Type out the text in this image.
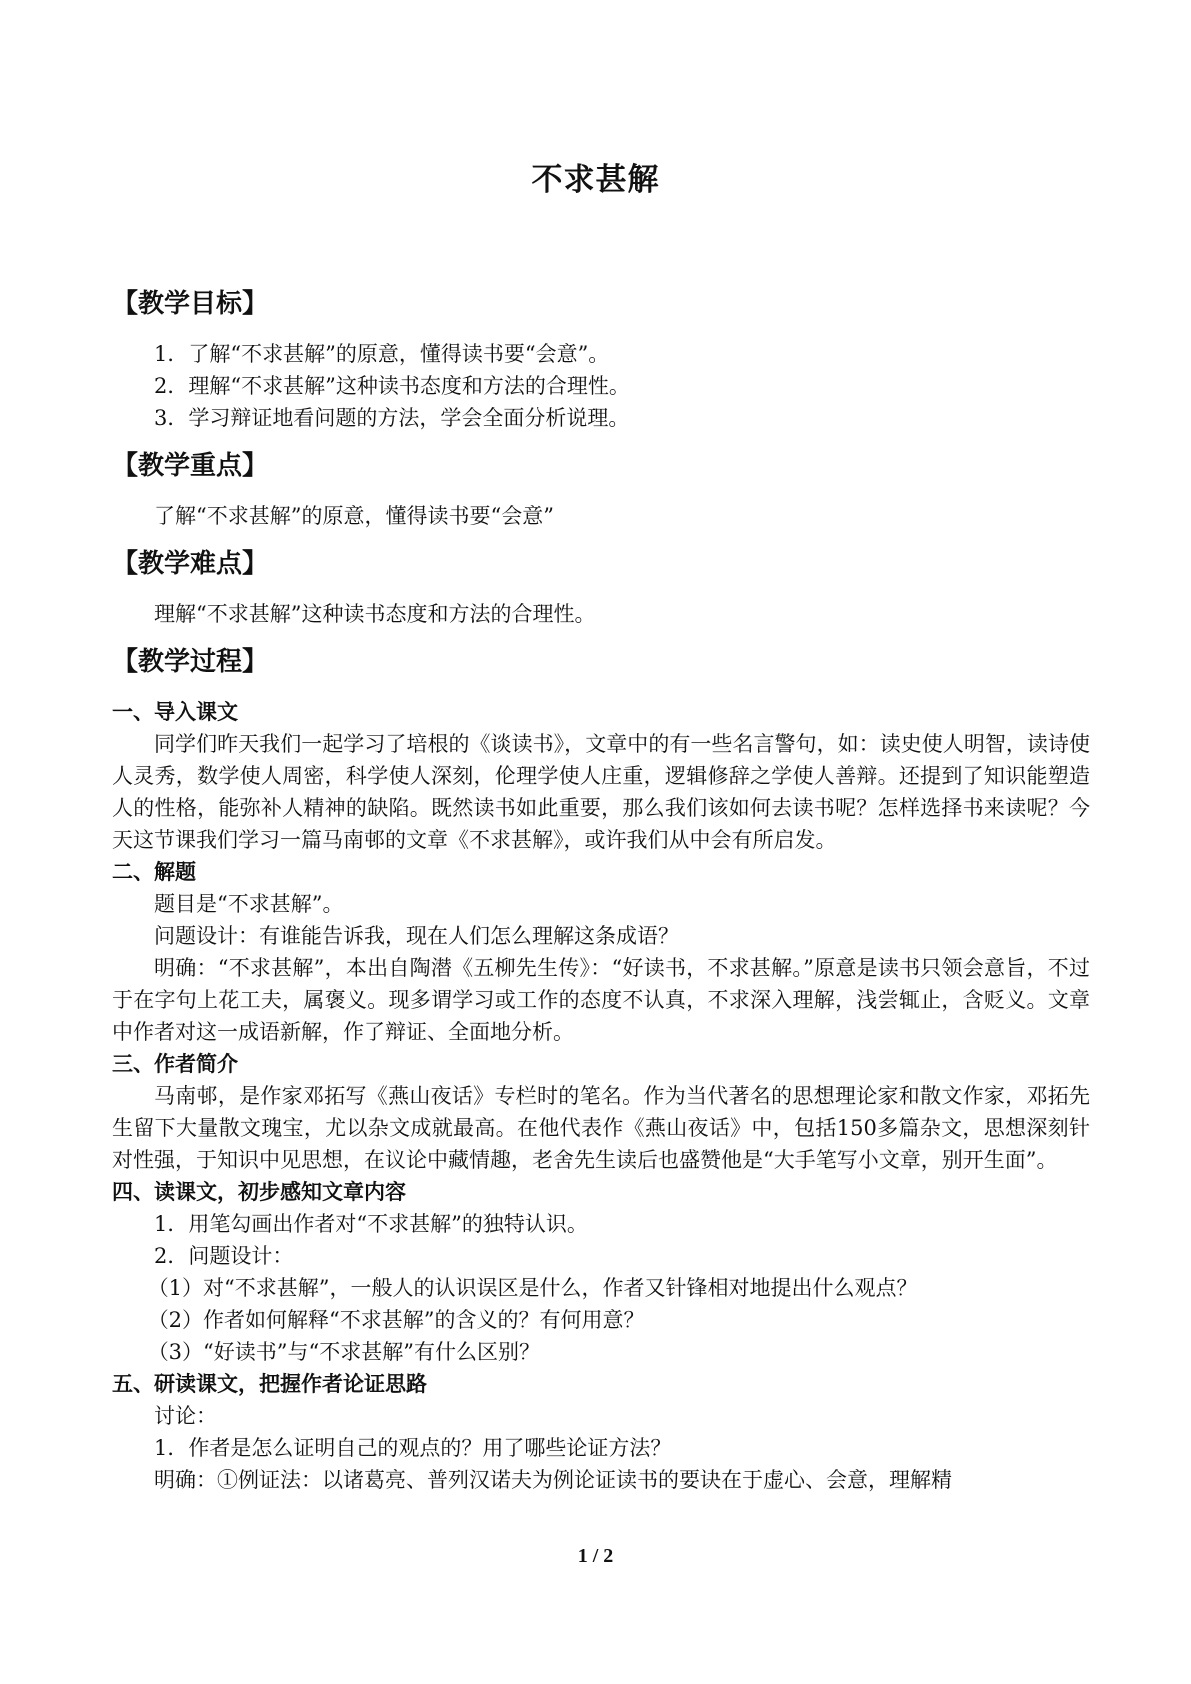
不求甚解
【教学目标】

1．了解“不求甚解”的原意，懂得读书要“会意”。

2．理解“不求甚解”这种读书态度和方法的合理性。

3．学习辩证地看问题的方法，学会全面分析说理。

【教学重点】

了解“不求甚解”的原意，懂得读书要“会意”

【教学难点】

理解“不求甚解”这种读书态度和方法的合理性。

【教学过程】

一、导入课文

同学们昨天我们一起学习了培根的《谈读书》，文章中的有一些名言警句，如：读史使人明智，读诗使人灵秀，数学使人周密，科学使人深刻，伦理学使人庄重，逻辑修辞之学使人善辩。还提到了知识能塑造人的性格，能弥补人精神的缺陷。既然读书如此重要，那么我们该如何去读书呢？怎样选择书来读呢？今天这节课我们学习一篇马南邨的文章《不求甚解》，或许我们从中会有所启发。

二、解题

题目是“不求甚解”。

问题设计：有谁能告诉我，现在人们怎么理解这条成语？

明确：“不求甚解”，本出自陶潜《五柳先生传》：“好读书，不求甚解。”原意是读书只领会意旨，不过于在字句上花工夫，属褒义。现多谓学习或工作的态度不认真，不求深入理解，浅尝辄止，含贬义。文章中作者对这一成语新解，作了辩证、全面地分析。

三、作者简介

马南邨，是作家邓拓写《燕山夜话》专栏时的笔名。作为当代著名的思想理论家和散文作家，邓拓先生留下大量散文瑰宝，尤以杂文成就最高。在他代表作《燕山夜话》中，包括150多篇杂文，思想深刻针对性强，于知识中见思想，在议论中藏情趣，老舍先生读后也盛赞他是“大手笔写小文章，别开生面”。

四、读课文，初步感知文章内容

1．用笔勾画出作者对“不求甚解”的独特认识。

2．问题设计：

（1）对“不求甚解”，一般人的认识误区是什么，作者又针锋相对地提出什么观点？

（2）作者如何解释“不求甚解”的含义的？有何用意？

（3）“好读书”与“不求甚解”有什么区别？

五、研读课文，把握作者论证思路

讨论：

1．作者是怎么证明自己的观点的？用了哪些论证方法？

明确：①例证法：以诸葛亮、普列汉诺夫为例论证读书的要诀在于虚心、会意，理解精

1 / 2
